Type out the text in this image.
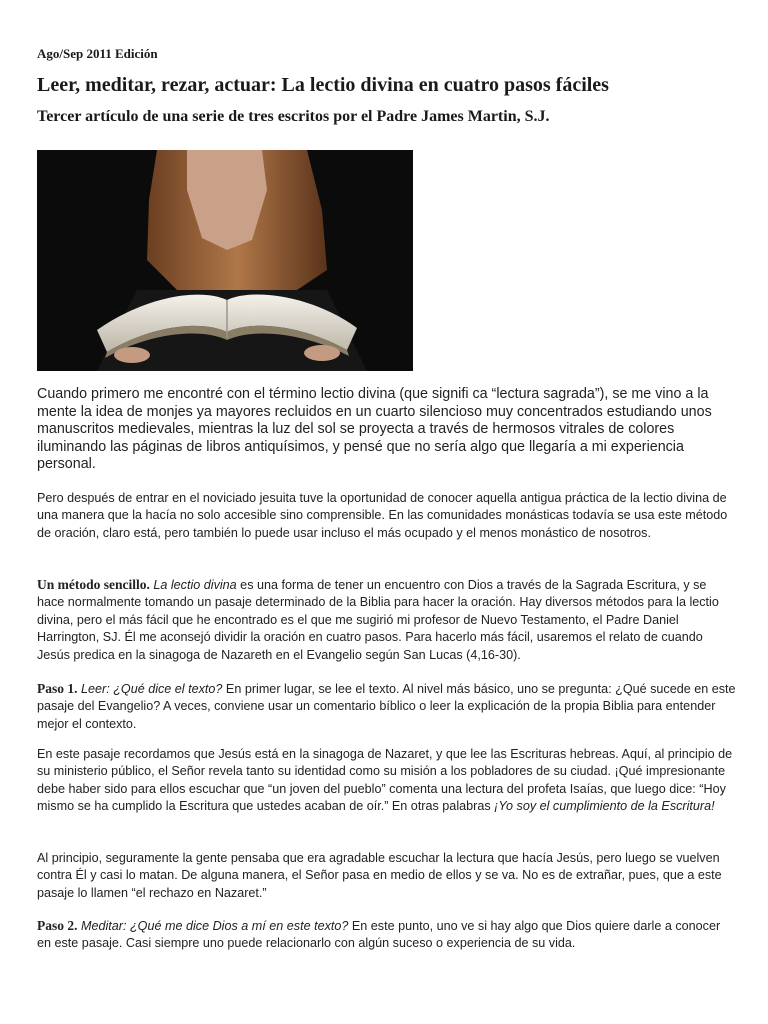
Ago/Sep 2011 Edición

Leer, meditar, rezar, actuar: La lectio divina en cuatro pasos fáciles
Tercer artículo de una serie de tres escritos por el Padre James Martin, S.J.

Cuando primero me encontré con el término lectio divina (que signifi ca “lectura sagrada”), se me vino a la mente la idea de monjes ya mayores recluidos en un cuarto silencioso muy concentrados estudiando unos manuscritos medievales, mientras la luz del sol se proyecta a través de hermosos vitrales de colores iluminando las páginas de libros antiquísimos, y pensé que no sería algo que llegaría a mi experiencia personal.

Pero después de entrar en el noviciado jesuita tuve la oportunidad de conocer aquella antigua práctica de la lectio divina de una manera que la hacía no solo accesible sino comprensible. En las comunidades monásticas todavía se usa este método de oración, claro está, pero también lo puede usar incluso el más ocupado y el menos monástico de nosotros.

Un método sencillo. La lectio divina es una forma de tener un encuentro con Dios a través de la Sagrada Escritura, y se hace normalmente tomando un pasaje determinado de la Biblia para hacer la oración. Hay diversos métodos para la lectio divina, pero el más fácil que he encontrado es el que me sugirió mi profesor de Nuevo Testamento, el Padre Daniel Harrington, SJ. Él me aconsejó dividir la oración en cuatro pasos. Para hacerlo más fácil, usaremos el relato de cuando Jesús predica en la sinagoga de Nazareth en el Evangelio según San Lucas (4,16-30).

Paso 1. Leer: ¿Qué dice el texto? En primer lugar, se lee el texto. Al nivel más básico, uno se pregunta: ¿Qué sucede en este pasaje del Evangelio? A veces, conviene usar un comentario bíblico o leer la explicación de la propia Biblia para entender mejor el contexto.

En este pasaje recordamos que Jesús está en la sinagoga de Nazaret, y que lee las Escrituras hebreas. Aquí, al principio de su ministerio público, el Señor revela tanto su identidad como su misión a los pobladores de su ciudad. ¡Qué impresionante debe haber sido para ellos escuchar que “un joven del pueblo” comenta una lectura del profeta Isaías, que luego dice: “Hoy mismo se ha cumplido la Escritura que ustedes acaban de oír.” En otras palabras ¡Yo soy el cumplimiento de la Escritura!

Al principio, seguramente la gente pensaba que era agradable escuchar la lectura que hacía Jesús, pero luego se vuelven contra Él y casi lo matan. De alguna manera, el Señor pasa en medio de ellos y se va. No es de extrañar, pues, que a este pasaje lo llamen “el rechazo en Nazaret.”

Paso 2. Meditar: ¿Qué me dice Dios a mí en este texto? En este punto, uno ve si hay algo que Dios quiere darle a conocer en este pasaje. Casi siempre uno puede relacionarlo con algún suceso o experiencia de su vida.
